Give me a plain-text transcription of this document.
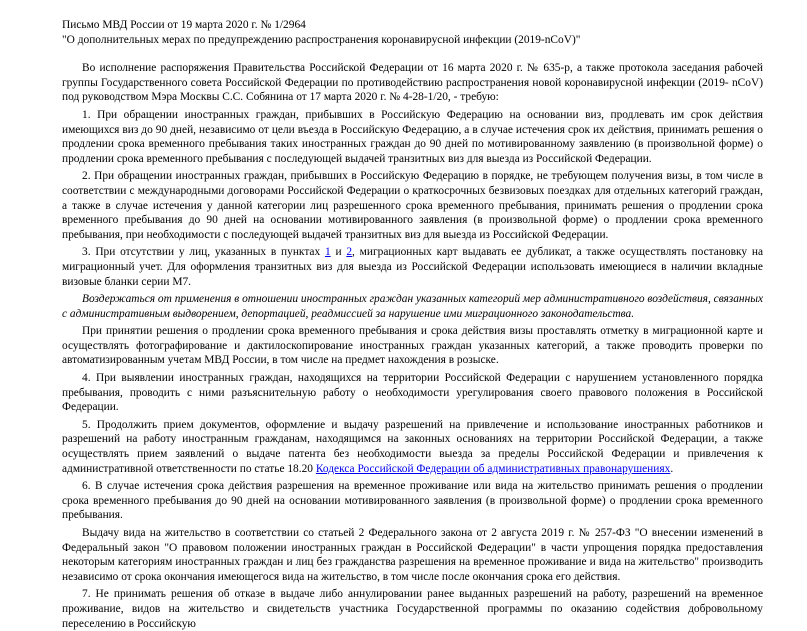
Письмо МВД России от 19 марта 2020 г. № 1/2964

"О дополнительных мерах по предупреждению распространения коронавирусной инфекции (2019-nCoV)"

Во исполнение распоряжения Правительства Российской Федерации от 16 марта 2020 г. № 635-р, а также протокола заседания рабочей группы Государственного совета Российской Федерации по противодействию распространения новой коронавирусной инфекции (2019- nCoV) под руководством Мэра Москвы С.С. Собянина от 17 марта 2020 г. № 4-28-1/20, - требую:

1. При обращении иностранных граждан, прибывших в Российскую Федерацию на основании виз, продлевать им срок действия имеющихся виз до 90 дней, независимо от цели въезда в Российскую Федерацию, а в случае истечения срок их действия, принимать решения о продлении срока временного пребывания таких иностранных граждан до 90 дней по мотивированному заявлению (в произвольной форме) о продлении срока временного пребывания с последующей выдачей транзитных виз для выезда из Российской Федерации.

2. При обращении иностранных граждан, прибывших в Российскую Федерацию в порядке, не требующем получения визы, в том числе в соответствии с международными договорами Российской Федерации о краткосрочных безвизовых поездках для отдельных категорий граждан, а также в случае истечения у данной категории лиц разрешенного срока временного пребывания, принимать решения о продлении срока временного пребывания до 90 дней на основании мотивированного заявления (в произвольной форме) о продлении срока временного пребывания, при необходимости с последующей выдачей транзитных виз для выезда из Российской Федерации.

3. При отсутствии у лиц, указанных в пунктах 1 и 2, миграционных карт выдавать ее дубликат, а также осуществлять постановку на миграционный учет. Для оформления транзитных виз для выезда из Российской Федерации использовать имеющиеся в наличии вкладные визовые бланки серии М7.

Воздержаться от применения в отношении иностранных граждан указанных категорий мер административного воздействия, связанных с административным выдворением, депортацией, реадмиссией за нарушение ими миграционного законодательства.

При принятии решения о продлении срока временного пребывания и срока действия визы проставлять отметку в миграционной карте и осуществлять фотографирование и дактилоскопирование иностранных граждан указанных категорий, а также проводить проверки по автоматизированным учетам МВД России, в том числе на предмет нахождения в розыске.

4. При выявлении иностранных граждан, находящихся на территории Российской Федерации с нарушением установленного порядка пребывания, проводить с ними разъяснительную работу о необходимости урегулирования своего правового положения в Российской Федерации.

5. Продолжить прием документов, оформление и выдачу разрешений на привлечение и использование иностранных работников и разрешений на работу иностранным гражданам, находящимся на законных основаниях на территории Российской Федерации, а также осуществлять прием заявлений о выдаче патента без необходимости выезда за пределы Российской Федерации и привлечения к административной ответственности по статье 18.20 Кодекса Российской Федерации об административных правонарушениях.

6. В случае истечения срока действия разрешения на временное проживание или вида на жительство принимать решения о продлении срока временного пребывания до 90 дней на основании мотивированного заявления (в произвольной форме) о продлении срока временного пребывания.

Выдачу вида на жительство в соответствии со статьей 2 Федерального закона от 2 августа 2019 г. № 257-ФЗ "О внесении изменений в Федеральный закон "О правовом положении иностранных граждан в Российской Федерации" в части упрощения порядка предоставления некоторым категориям иностранных граждан и лиц без гражданства разрешения на временное проживание и вида на жительство" производить независимо от срока окончания имеющегося вида на жительство, в том числе после окончания срока его действия.

7. Не принимать решения об отказе в выдаче либо аннулировании ранее выданных разрешений на работу, разрешений на временное проживание, видов на жительство и свидетельств участника Государственной программы по оказанию содействия добровольному переселению в Российскую
